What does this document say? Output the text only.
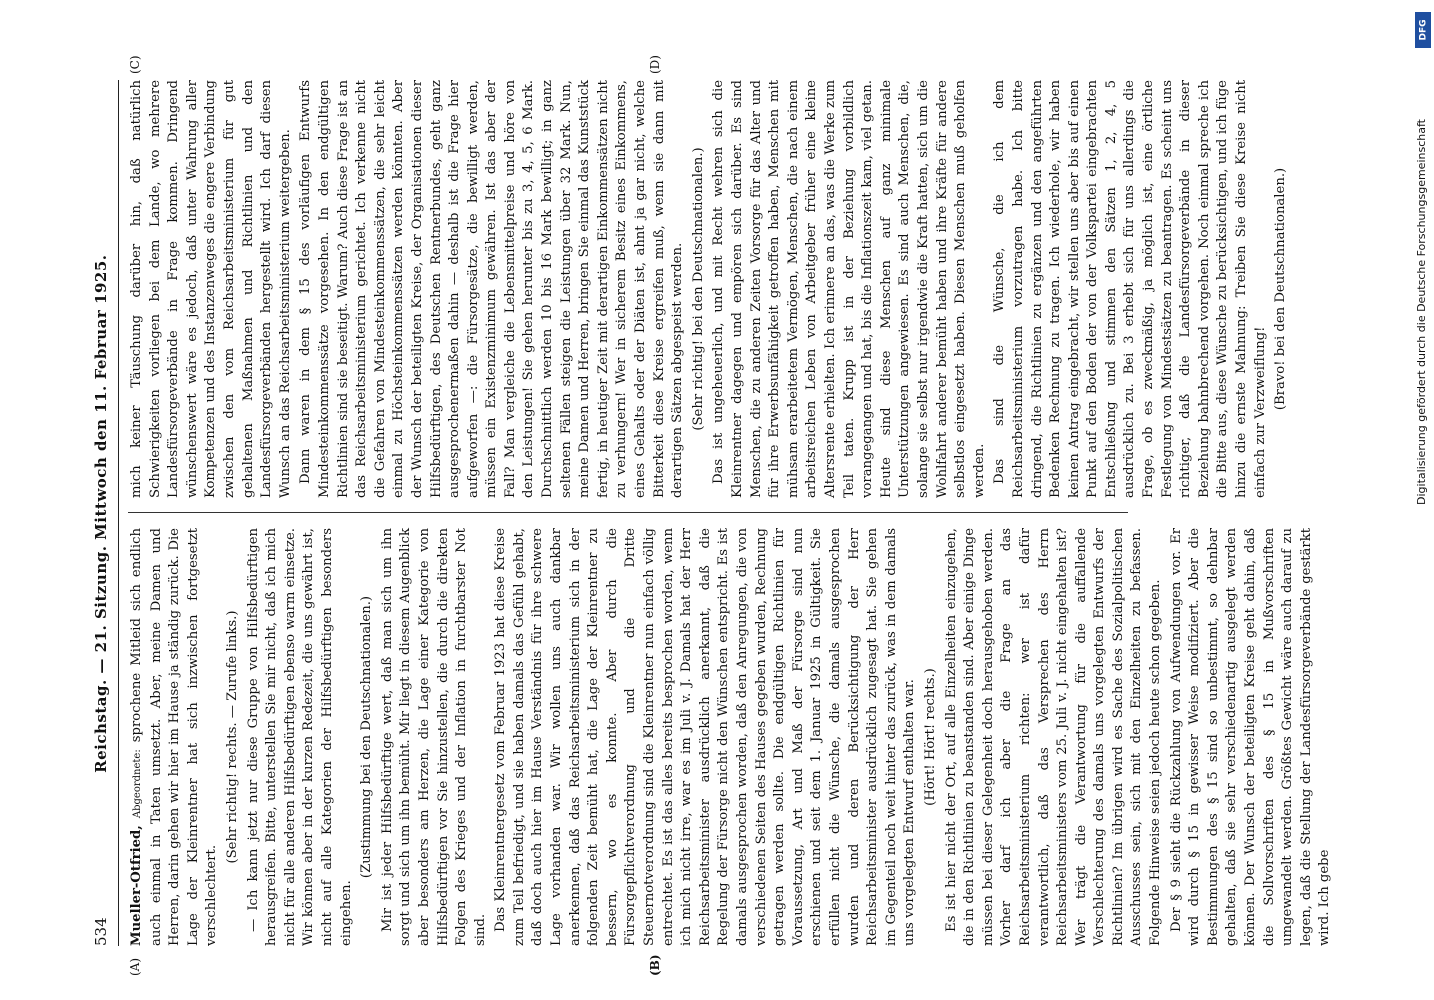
534
Reichstag. — 21. Sitzung. Mittwoch den 11. Februar 1925.
(A)	(B)
(C)	(D)

Mueller-Otfried, Abgeordnete: sprochene Mitleid sich endlich auch einmal in Taten umsetzt. Aber, meine Damen und Herren, darin gehen wir hier im Hause ja ständig zurück. Die Lage der Kleinrentner hat sich inzwischen fortgesetzt verschlechtert.

(Sehr richtig! rechts. — Zurufe links.) — Ich kann jetzt nur diese Gruppe von Hilfsbedürftigen herausgreifen. Bitte, unterstellen Sie mir nicht, daß ich mich nicht für alle anderen Hilfsbedürftigen ebenso warm einsetze. Wir können aber in der kurzen Redezeit, die uns gewährt ist, nicht auf alle Kategorien der Hilfsbedürftigen besonders eingehen.

(Zustimmung bei den Deutschnationalen.) Mir ist jeder Hilfsbedürftige wert, daß man sich um ihn sorgt und sich um ihn bemüht. Mir liegt in diesem Augenblick aber besonders am Herzen, die Lage einer Kategorie von Hilfsbedürftigen vor Sie hinzustellen, die durch die direkten Folgen des Krieges und der Inflation in furchtbarster Not sind. Das Kleinrentnergesetz vom Februar 1923 hat diese Kreise zum Teil befriedigt, und sie haben damals das Gefühl gehabt, daß doch auch hier im Hause Verständnis für ihre schwere Lage vorhanden war. Wir wollen uns auch dankbar anerkennen, daß das Reichsarbeitsministerium sich in der folgenden Zeit bemüht hat, die Lage der Kleinrentner zu bessern, wo es konnte. Aber durch die Fürsorgepflichtverordnung und die Dritte Steuernotverordnung sind die Kleinrentner nun einfach völlig entrechtet. Es ist das alles bereits besprochen worden, wenn ich mich nicht irre, war es im Juli v. J. Damals hat der Herr Reichsarbeitsminister ausdrücklich anerkannt, daß die Regelung der Fürsorge nicht den Wünschen entspricht. Es ist damals ausgesprochen worden, daß den Anregungen, die von verschiedenen Seiten des Hauses gegeben wurden, Rechnung getragen werden sollte. Die endgültigen Richtlinien für Voraussetzung, Art und Maß der Fürsorge sind nun erschienen und seit dem 1. Januar 1925 in Gültigkeit. Sie erfüllen nicht die Wünsche, die damals ausgesprochen wurden und deren Berücksichtigung der Herr Reichsarbeitsminister ausdrücklich zugesagt hat. Sie gehen im Gegenteil noch weit hinter das zurück, was in dem damals uns vorgelegten Entwurf enthalten war. (Hört! Hört! rechts.) Es ist hier nicht der Ort, auf alle Einzelheiten einzugehen, die in den Richtlinien zu beanstanden sind. Aber einige Dinge müssen bei dieser Gelegenheit doch herausgehoben werden. Vorher darf ich aber die Frage an das Reichsarbeitsministerium richten: wer ist dafür verantwortlich, daß das Versprechen des Herrn Reichsarbeitsministers vom 25. Juli v. J. nicht eingehalten ist? Wer trägt die Verantwortung für die auffallende Verschlechterung des damals uns vorgelegten Entwurfs der Richtlinien? Im übrigen wird es Sache des Sozialpolitischen Ausschusses sein, sich mit den Einzelheiten zu befassen. Folgende Hinweise seien jedoch heute schon gegeben. Der § 9 sieht die Rückzahlung von Aufwendungen vor. Er wird durch § 15 in gewisser Weise modifiziert. Aber die Bestimmungen des § 15 sind so unbestimmt, so dehnbar gehalten, daß sie sehr verschiedenartig ausgelegt werden können. Der Wunsch der beteiligten Kreise geht dahin, daß die Sollvorschriften des § 15 in Mußvorschriften umgewandelt werden. Größtes Gewicht wäre auch darauf zu legen, daß die Stellung der Landesfürsorgeverbände gestärkt wird. Ich gebe

mich keiner Täuschung darüber hin, daß natürlich Schwierigkeiten vorliegen bei dem Lande, wo mehrere Landesfürsorgeverbände in Frage kommen. Dringend wünschenswert wäre es jedoch, daß unter Wahrung aller Kompetenzen und des Instanzenweges die engere Verbindung zwischen den vom Reichsarbeitsministerium für gut gehaltenen Maßnahmen und Richtlinien und den Landesfürsorgeverbänden hergestellt wird. Ich darf diesen Wunsch an das Reichsarbeitsministerium weitergeben. Dann waren in dem § 15 des vorläufigen Entwurfs Mindesteinkommenssätze vorgesehen. In den endgültigen Richtlinien sind sie beseitigt. Warum? Auch diese Frage ist an das Reichsarbeitsministerium gerichtet. Ich verkenne nicht die Gefahren von Mindesteinkommenssätzen, die sehr leicht einmal zu Höchsteinkommenssätzen werden könnten. Aber der Wunsch der beteiligten Kreise, der Organisationen dieser Hilfsbedürftigen, des Deutschen Rentnerbundes, geht ganz ausgesprochenermaßen dahin — deshalb ist die Frage hier aufgeworfen —: die Fürsorgesätze, die bewilligt werden, müssen ein Existenzminimum gewähren. Ist das aber der Fall? Man vergleiche die Lebensmittelpreise und höre von den Leistungen! Sie gehen herunter bis zu 3, 4, 5, 6 Mark. Durchschnittlich werden 10 bis 16 Mark bewilligt; in ganz seltenen Fällen steigen die Leistungen über 32 Mark. Nun, meine Damen und Herren, bringen Sie einmal das Kunststück fertig, in heutiger Zeit mit derartigen Einkommensätzen nicht zu verhungern! Wer in sicherem Besitz eines Einkommens, eines Gehalts oder der Diäten ist, ahnt ja gar nicht, welche Bitterkeit diese Kreise ergreifen muß, wenn sie dann mit derartigen Sätzen abgespeist werden. (Sehr richtig! bei den Deutschnationalen.) Das ist ungeheuerlich, und mit Recht wehren sich die Kleinrentner dagegen und empören sich darüber. Es sind Menschen, die zu anderen Zeiten Vorsorge für das Alter und für ihre Erwerbsunfähigkeit getroffen haben, Menschen mit mühsam erarbeitetem Vermögen, Menschen, die nach einem arbeitsreichen Leben von Arbeitgeber früher eine kleine Altersrente erhielten. Ich erinnere an das, was die Werke zum Teil taten. Krupp ist in der Beziehung vorbildlich vorangegangen und hat, bis die Inflationszeit kam, viel getan. Heute sind diese Menschen auf ganz minimale Unterstützungen angewiesen. Es sind auch Menschen, die, solange sie selbst nur irgendwie die Kraft hatten, sich um die Wohlfahrt anderer bemüht haben und ihre Kräfte für andere selbstlos eingesetzt haben. Diesen Menschen muß geholfen werden. Das sind die Wünsche, die ich dem Reichsarbeitsministerium vorzutragen habe. Ich bitte dringend, die Richtlinien zu ergänzen und den angeführten Bedenken Rechnung zu tragen. Ich wiederhole, wir haben keinen Antrag eingebracht, wir stellen uns aber bis auf einen Punkt auf den Boden der von der Volkspartei eingebrachten Entschließung und stimmen den Sätzen 1, 2, 4, 5 ausdrücklich zu. Bei 3 erhebt sich für uns allerdings die Frage, ob es zweckmäßig, ja möglich ist, eine örtliche Festlegung von Mindestsätzen zu beantragen. Es scheint uns richtiger, daß die Landesfürsorgeverbände in dieser Beziehung bahnbrechend vorgehen. Noch einmal spreche ich die Bitte aus, diese Wünsche zu berücksichtigen, und ich füge hinzu die ernste Mahnung: Treiben Sie diese Kreise nicht einfach zur Verzweiflung!

(Bravo! bei den Deutschnationalen.)

DFG
Digitalisierung gefördert durch die Deutsche Forschungsgemeinschaft
